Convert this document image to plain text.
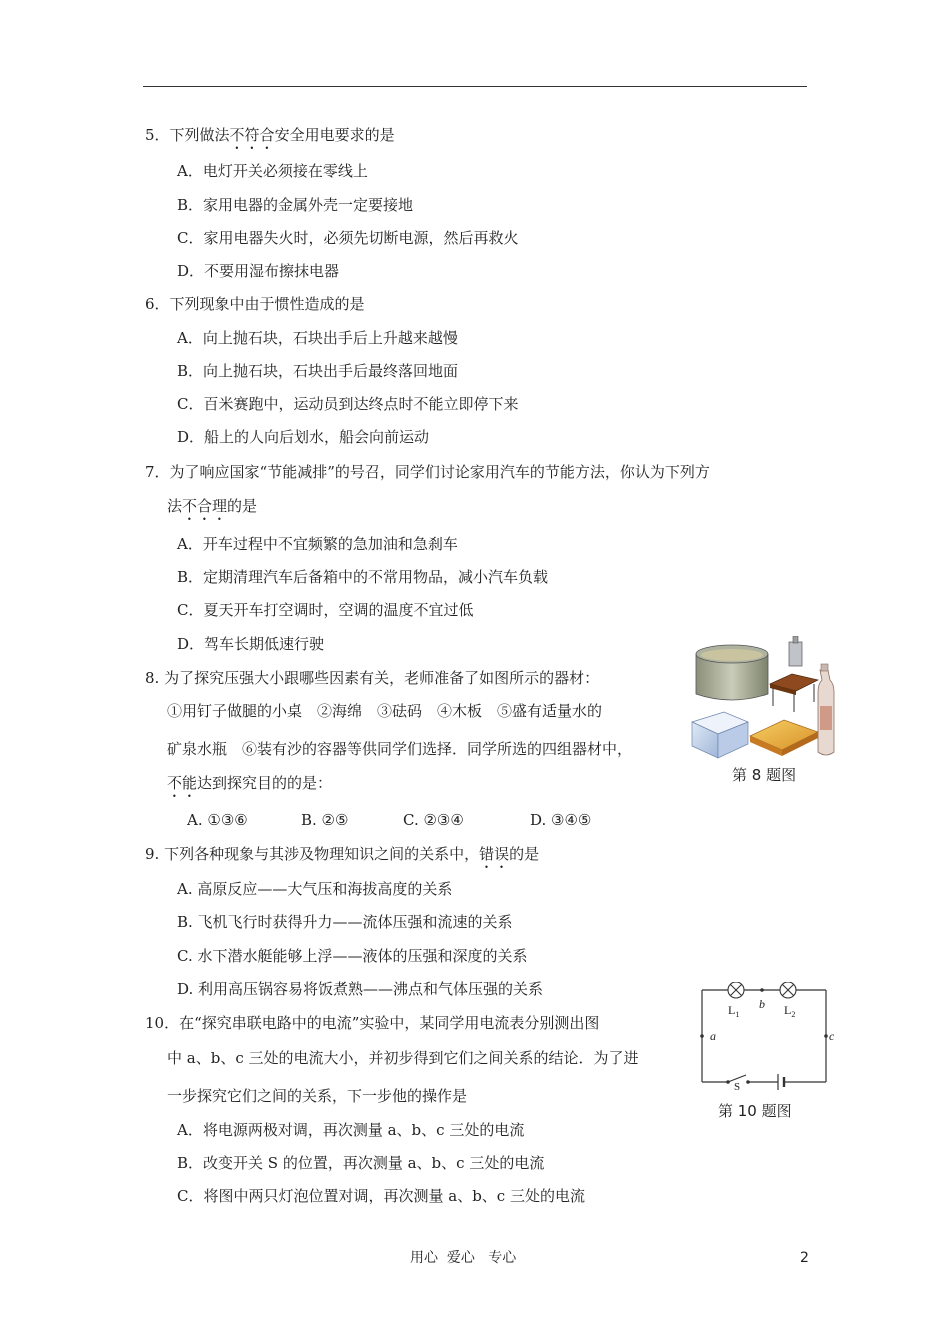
5．下列做法不符合安全用电要求的是
A．电灯开关必须接在零线上
B．家用电器的金属外壳一定要接地
C．家用电器失火时，必须先切断电源，然后再救火
D．不要用湿布擦抹电器
6．下列现象中由于惯性造成的是
A．向上抛石块，石块出手后上升越来越慢
B．向上抛石块，石块出手后最终落回地面
C．百米赛跑中，运动员到达终点时不能立即停下来
D．船上的人向后划水，船会向前运动
7．为了响应国家“节能减排”的号召，同学们讨论家用汽车的节能方法，你认为下列方
法不合理的是
A．开车过程中不宜频繁的急加油和急刹车
B．定期清理汽车后备箱中的不常用物品，减小汽车负载
C．夏天开车打空调时，空调的温度不宜过低
D．驾车长期低速行驶
8. 为了探究压强大小跟哪些因素有关，老师准备了如图所示的器材：
①用钉子做腿的小桌　②海绵　③砝码　④木板　⑤盛有适量水的
矿泉水瓶　⑥装有沙的容器等供同学们选择．同学所选的四组器材中，
不能达到探究目的的是：
A. ①③⑥	B. ②⑤	C. ②③④	D. ③④⑤
第 8 题图
9. 下列各种现象与其涉及物理知识之间的关系中，错误的是
A. 高原反应——大气压和海拔高度的关系
B. 飞机飞行时获得升力——流体压强和流速的关系
C. 水下潜水艇能够上浮——液体的压强和深度的关系
D. 利用高压锅容易将饭煮熟——沸点和气体压强的关系
10．在“探究串联电路中的电流”实验中，某同学用电流表分别测出图
中 a、b、c 三处的电流大小，并初步得到它们之间关系的结论．为了进
一步探究它们之间的关系，下一步他的操作是
A．将电源两极对调，再次测量 a、b、c 三处的电流
B．改变开关 S 的位置，再次测量 a、b、c 三处的电流
C．将图中两只灯泡位置对调，再次测量 a、b、c 三处的电流
a
b
c
$L_1$	$L_2$
S
第 10 题图
用心  爱心   专心	2
